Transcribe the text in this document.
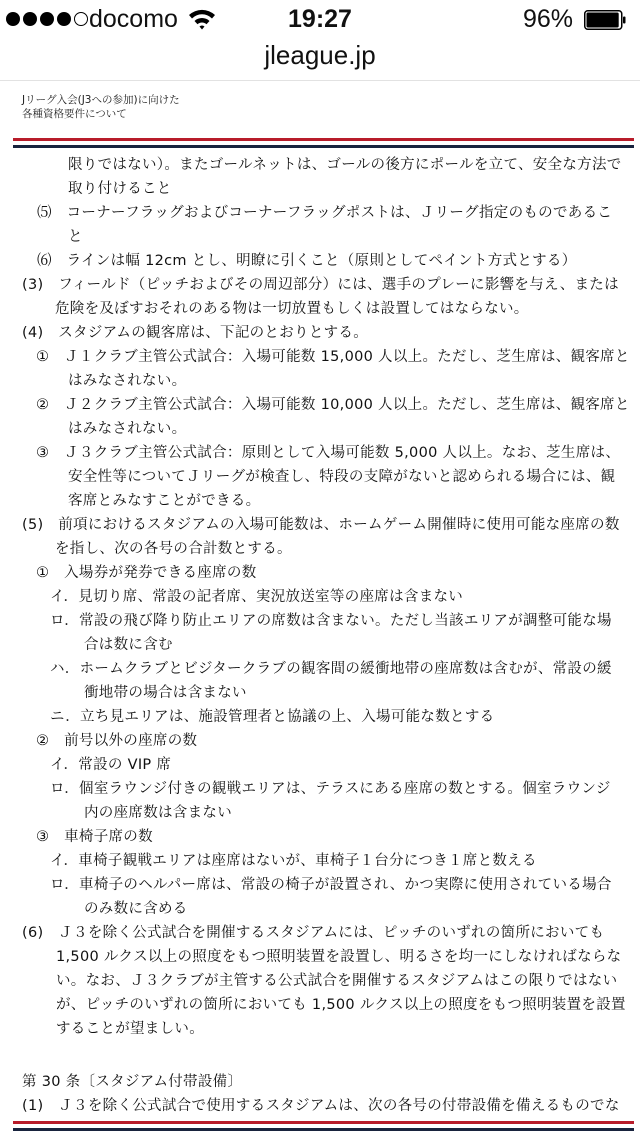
docomo	19:27	96%
jleague.jp
Jリーグ入会(J3への参加)に向けた
各種資格要件について
限りではない）。またゴールネットは、ゴールの後方にポールを立て、安全な方法で
取り付けること
⑸　コーナーフラッグおよびコーナーフラッグポストは、Ｊリーグ指定のものであるこ
と
⑹　ラインは幅 12cm とし、明瞭に引くこと（原則としてペイント方式とする）
(3)　フィールド（ピッチおよびその周辺部分）には、選手のプレーに影響を与え、または
危険を及ぼすおそれのある物は一切放置もしくは設置してはならない。
(4)　スタジアムの観客席は、下記のとおりとする。
①　Ｊ１クラブ主管公式試合：入場可能数 15,000 人以上。ただし、芝生席は、観客席と
はみなされない。
②　Ｊ２クラブ主管公式試合：入場可能数 10,000 人以上。ただし、芝生席は、観客席と
はみなされない。
③　Ｊ３クラブ主管公式試合：原則として入場可能数 5,000 人以上。なお、芝生席は、
安全性等についてＪリーグが検査し、特段の支障がないと認められる場合には、観
客席とみなすことができる。
(5)　前項におけるスタジアムの入場可能数は、ホームゲーム開催時に使用可能な座席の数
を指し、次の各号の合計数とする。
①　入場券が発券できる座席の数
イ．見切り席、常設の記者席、実況放送室等の座席は含まない
ロ．常設の飛び降り防止エリアの席数は含まない。ただし当該エリアが調整可能な場
合は数に含む
ハ．ホームクラブとビジタークラブの観客間の緩衝地帯の座席数は含むが、常設の緩
衝地帯の場合は含まない
ニ．立ち見エリアは、施設管理者と協議の上、入場可能な数とする
②　前号以外の座席の数
イ．常設の VIP 席
ロ．個室ラウンジ付きの観戦エリアは、テラスにある座席の数とする。個室ラウンジ
内の座席数は含まない
③　車椅子席の数
イ．車椅子観戦エリアは座席はないが、車椅子１台分につき１席と数える
ロ．車椅子のヘルパー席は、常設の椅子が設置され、かつ実際に使用されている場合
のみ数に含める
(6)　Ｊ３を除く公式試合を開催するスタジアムには、ピッチのいずれの箇所においても
1,500 ルクス以上の照度をもつ照明装置を設置し、明るさを均一にしなければならな
い。なお、Ｊ３クラブが主管する公式試合を開催するスタジアムはこの限りではない
が、ピッチのいずれの箇所においても 1,500 ルクス以上の照度をもつ照明装置を設置
することが望ましい。
第 30 条〔スタジアム付帯設備〕
(1)　Ｊ３を除く公式試合で使用するスタジアムは、次の各号の付帯設備を備えるものでな
